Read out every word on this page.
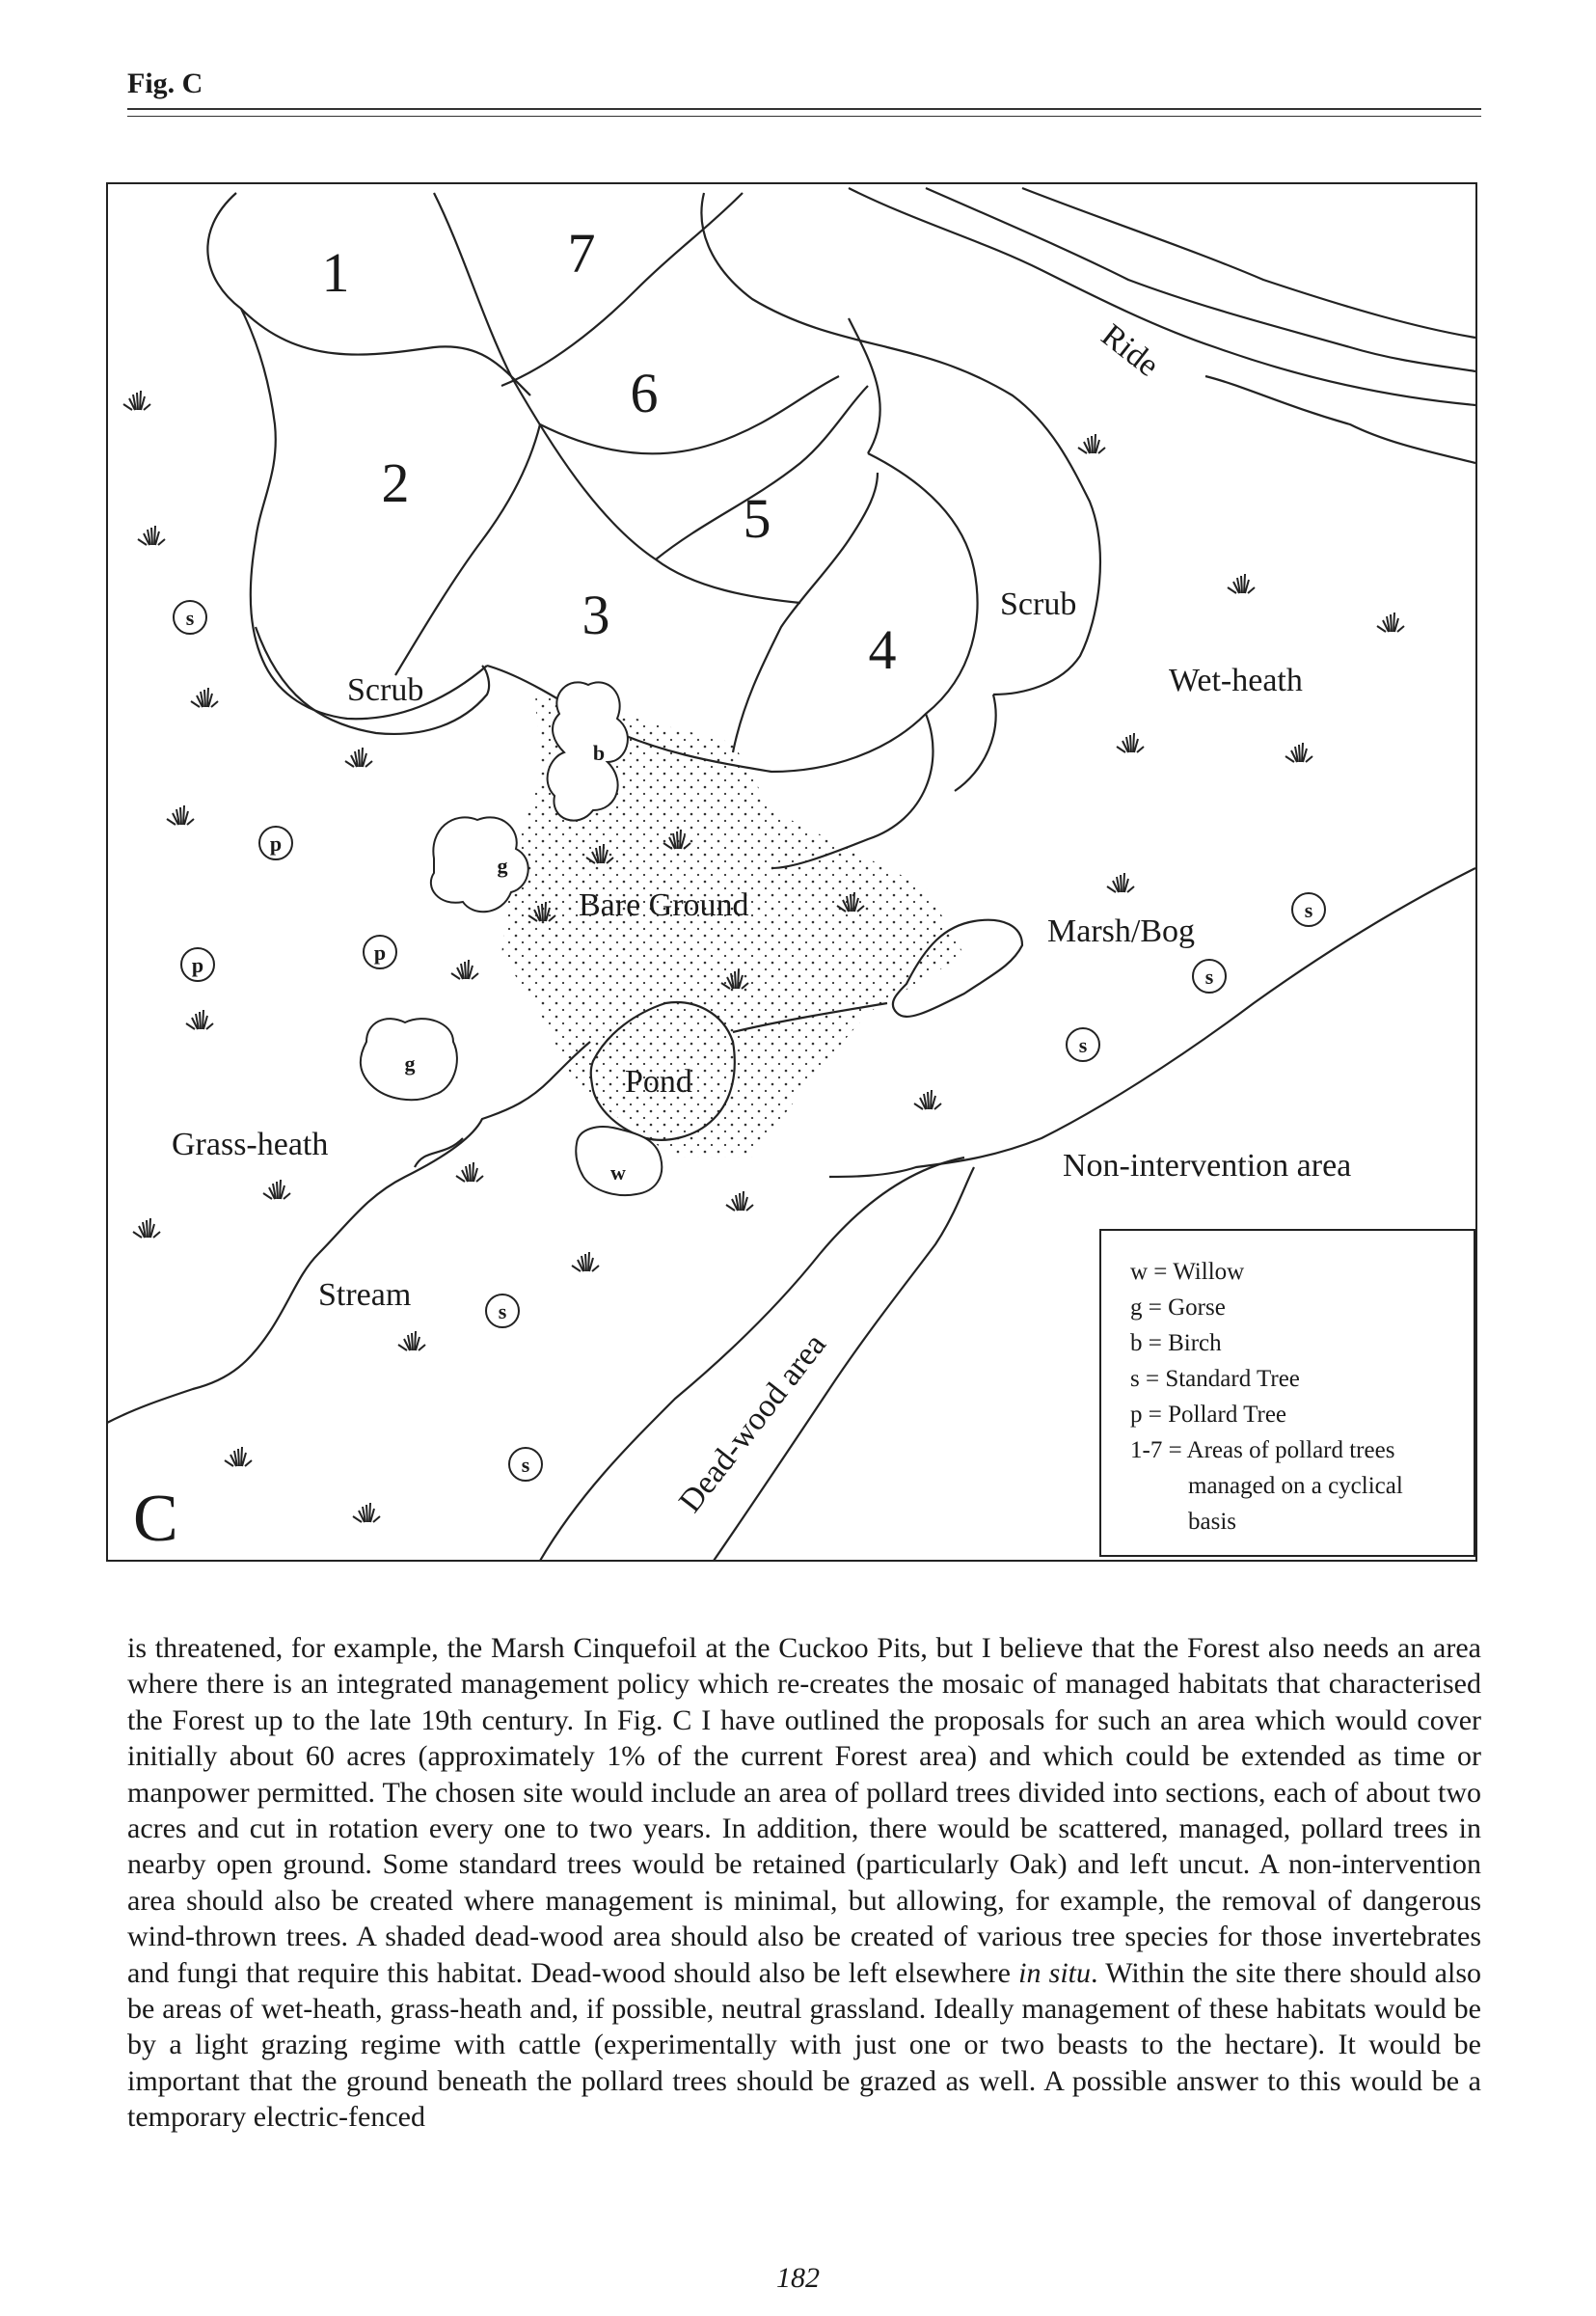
Fig. C
s
s
s
s
s
s
p
p
p
g
g
b
w
1
2
3
4
5
6
7
Ride
Scrub
Scrub	Wet-heath
Bare Ground
Marsh/Bog
Pond
Grass-heath
Non-intervention area
Stream
Dead-wood area
C
w = Willow
g = Gorse
b = Birch
s = Standard Tree
p = Pollard Tree
1-7 = Areas of pollard trees
managed on a cyclical
basis
is threatened, for example, the Marsh Cinquefoil at the Cuckoo Pits, but I believe that the Forest also needs an area where there is an integrated management policy which re-creates the mosaic of managed habitats that characterised the Forest up to the late 19th century. In Fig. C I have outlined the proposals for such an area which would cover initially about 60 acres (approximately 1% of the current Forest area) and which could be extended as time or manpower permitted. The chosen site would include an area of pollard trees divided into sections, each of about two acres and cut in rotation every one to two years. In addition, there would be scattered, managed, pollard trees in nearby open ground. Some standard trees would be retained (particularly Oak) and left uncut. A non-intervention area should also be created where management is minimal, but allowing, for example, the removal of dangerous wind-thrown trees. A shaded dead-wood area should also be created of various tree species for those invertebrates and fungi that require this habitat. Dead-wood should also be left elsewhere in situ. Within the site there should also be areas of wet-heath, grass-heath and, if possible, neutral grassland. Ideally management of these habitats would be by a light grazing regime with cattle (experimentally with just one or two beasts to the hectare). It would be important that the ground beneath the pollard trees should be grazed as well. A possible answer to this would be a temporary electric-fenced
182
